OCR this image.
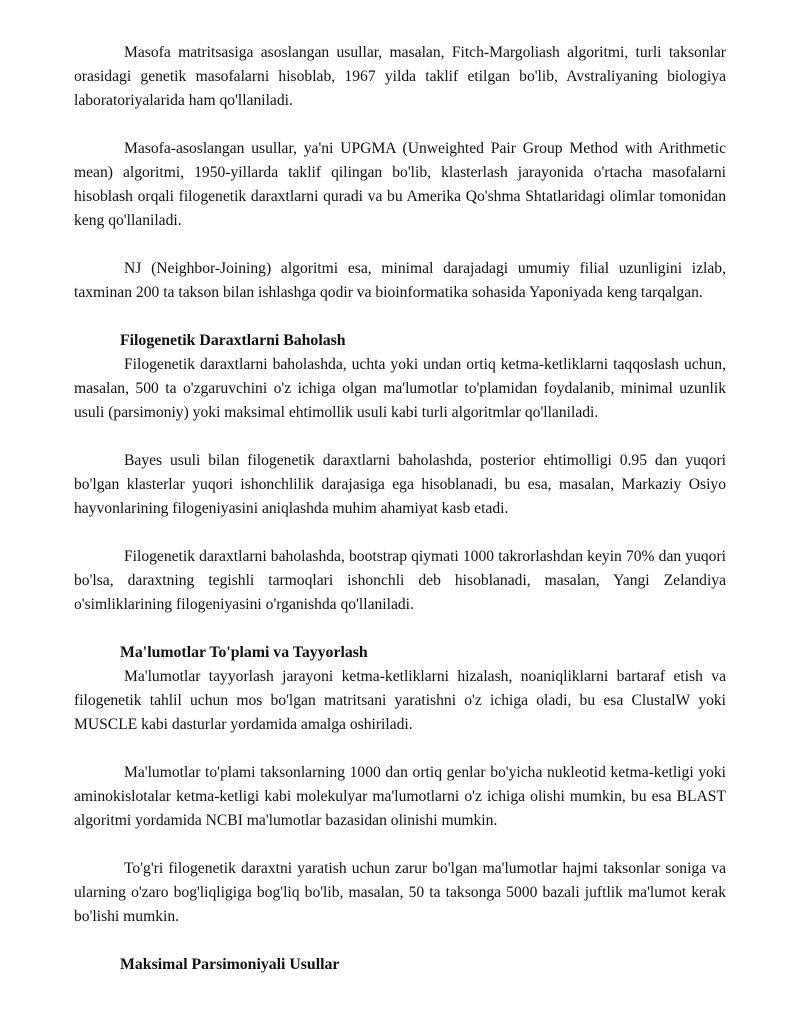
Masofa matritsasiga asoslangan usullar, masalan, Fitch-Margoliash algoritmi, turli taksonlar orasidagi genetik masofalarni hisoblab, 1967 yilda taklif etilgan bo'lib, Avstraliyaning biologiya laboratoriyalarida ham qo'llaniladi.

Masofa-asoslangan usullar, ya'ni UPGMA (Unweighted Pair Group Method with Arithmetic mean) algoritmi, 1950-yillarda taklif qilingan bo'lib, klasterlash jarayonida o'rtacha masofalarni hisoblash orqali filogenetik daraxtlarni quradi va bu Amerika Qo'shma Shtatlaridagi olimlar tomonidan keng qo'llaniladi.

NJ (Neighbor-Joining) algoritmi esa, minimal darajadagi umumiy filial uzunligini izlab, taxminan 200 ta takson bilan ishlashga qodir va bioinformatika sohasida Yaponiyada keng tarqalgan.

Filogenetik Daraxtlarni Baholash

Filogenetik daraxtlarni baholashda, uchta yoki undan ortiq ketma-ketliklarni taqqoslash uchun, masalan, 500 ta o'zgaruvchini o'z ichiga olgan ma'lumotlar to'plamidan foydalanib, minimal uzunlik usuli (parsimoniy) yoki maksimal ehtimollik usuli kabi turli algoritmlar qo'llaniladi.

Bayes usuli bilan filogenetik daraxtlarni baholashda, posterior ehtimolligi 0.95 dan yuqori bo'lgan klasterlar yuqori ishonchlilik darajasiga ega hisoblanadi, bu esa, masalan, Markaziy Osiyo hayvonlarining filogeniyasini aniqlashda muhim ahamiyat kasb etadi.

Filogenetik daraxtlarni baholashda, bootstrap qiymati 1000 takrorlashdan keyin 70% dan yuqori bo'lsa, daraxtning tegishli tarmoqlari ishonchli deb hisoblanadi, masalan, Yangi Zelandiya o'simliklarining filogeniyasini o'rganishda qo'llaniladi.

Ma'lumotlar To'plami va Tayyorlash

Ma'lumotlar tayyorlash jarayoni ketma-ketliklarni hizalash, noaniqliklarni bartaraf etish va filogenetik tahlil uchun mos bo'lgan matritsani yaratishni o'z ichiga oladi, bu esa ClustalW yoki MUSCLE kabi dasturlar yordamida amalga oshiriladi.

Ma'lumotlar to'plami taksonlarning 1000 dan ortiq genlar bo'yicha nukleotid ketma-ketligi yoki aminokislotalar ketma-ketligi kabi molekulyar ma'lumotlarni o'z ichiga olishi mumkin, bu esa BLAST algoritmi yordamida NCBI ma'lumotlar bazasidan olinishi mumkin.

To'g'ri filogenetik daraxtni yaratish uchun zarur bo'lgan ma'lumotlar hajmi taksonlar soniga va ularning o'zaro bog'liqligiga bog'liq bo'lib, masalan, 50 ta taksonga 5000 bazali juftlik ma'lumot kerak bo'lishi mumkin.

Maksimal Parsimoniyali Usullar
